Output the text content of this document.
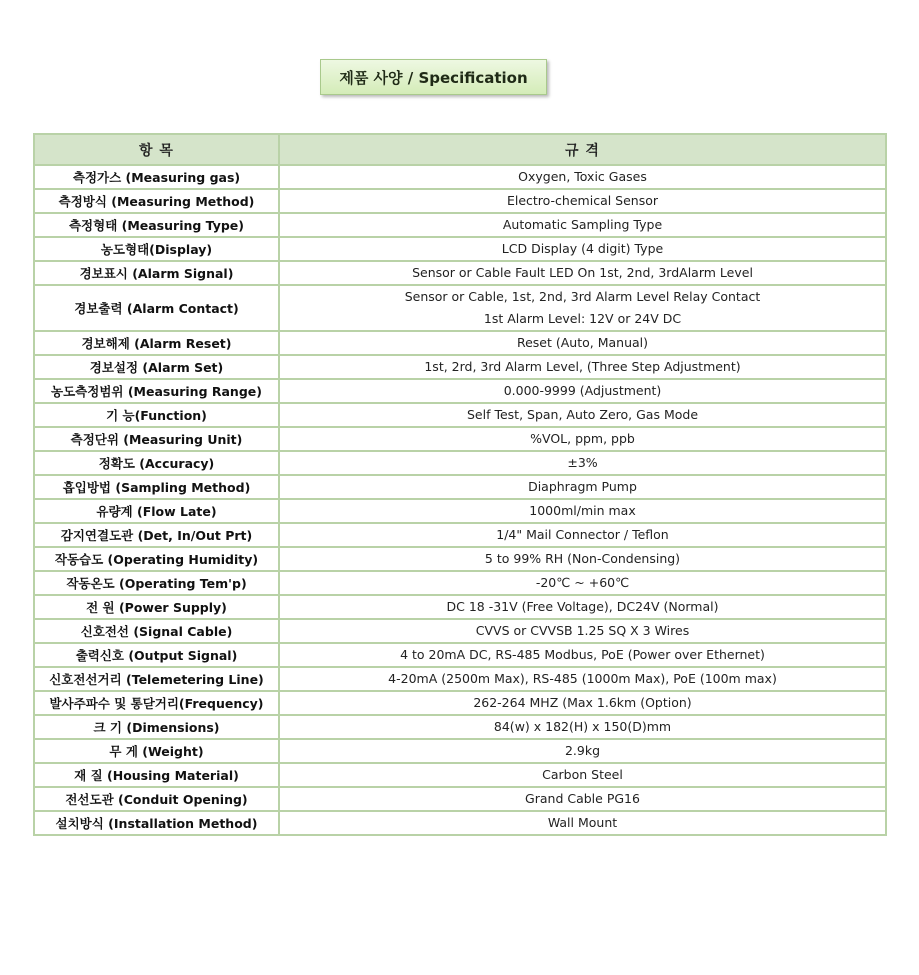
제품 사양 / Specification
항 목	규 격
측정가스 (Measuring gas)	Oxygen, Toxic Gases

측정방식 (Measuring Method)	Electro-chemical Sensor

측정형태 (Measuring Type)	Automatic Sampling Type

농도형태(Display)	LCD Display (4 digit) Type

경보표시 (Alarm Signal)	Sensor or Cable Fault LED On 1st, 2nd, 3rdAlarm Level

경보출력 (Alarm Contact)	Sensor or Cable, 1st, 2nd, 3rd Alarm Level Relay Contact
1st Alarm Level: 12V or 24V DC

경보해제 (Alarm Reset)	Reset (Auto, Manual)

경보설정 (Alarm Set)	1st, 2rd, 3rd Alarm Level, (Three Step Adjustment)

농도측정범위 (Measuring Range)	0.000-9999 (Adjustment)

기 능(Function)	Self Test, Span, Auto Zero, Gas Mode

측정단위 (Measuring Unit)	%VOL, ppm, ppb

정확도 (Accuracy)	±3%

흡입방법 (Sampling Method)	Diaphragm Pump

유량계 (Flow Late)	1000ml/min max

감지연결도관 (Det, In/Out Prt)	1/4" Mail Connector / Teflon

작동습도 (Operating Humidity)	5 to 99% RH (Non-Condensing)

작동온도 (Operating Tem'p)	-20℃ ~ +60℃

전 원 (Power Supply)	DC 18 -31V (Free Voltage), DC24V (Normal)

신호전선 (Signal Cable)	CVVS or CVVSB 1.25 SQ X 3 Wires

출력신호 (Output Signal)	4 to 20mA DC, RS-485 Modbus, PoE (Power over Ethernet)

신호전선거리 (Telemetering Line)	4-20mA (2500m Max), RS-485 (1000m Max), PoE (100m max)

발사주파수 및 통닫거리(Frequency)	262-264 MHZ (Max 1.6km (Option)

크 기 (Dimensions)	84(w) x 182(H) x 150(D)mm

무 게 (Weight)	2.9kg

재 질 (Housing Material)	Carbon Steel

전선도관 (Conduit Opening)	Grand Cable PG16

설치방식 (Installation Method)	Wall Mount
